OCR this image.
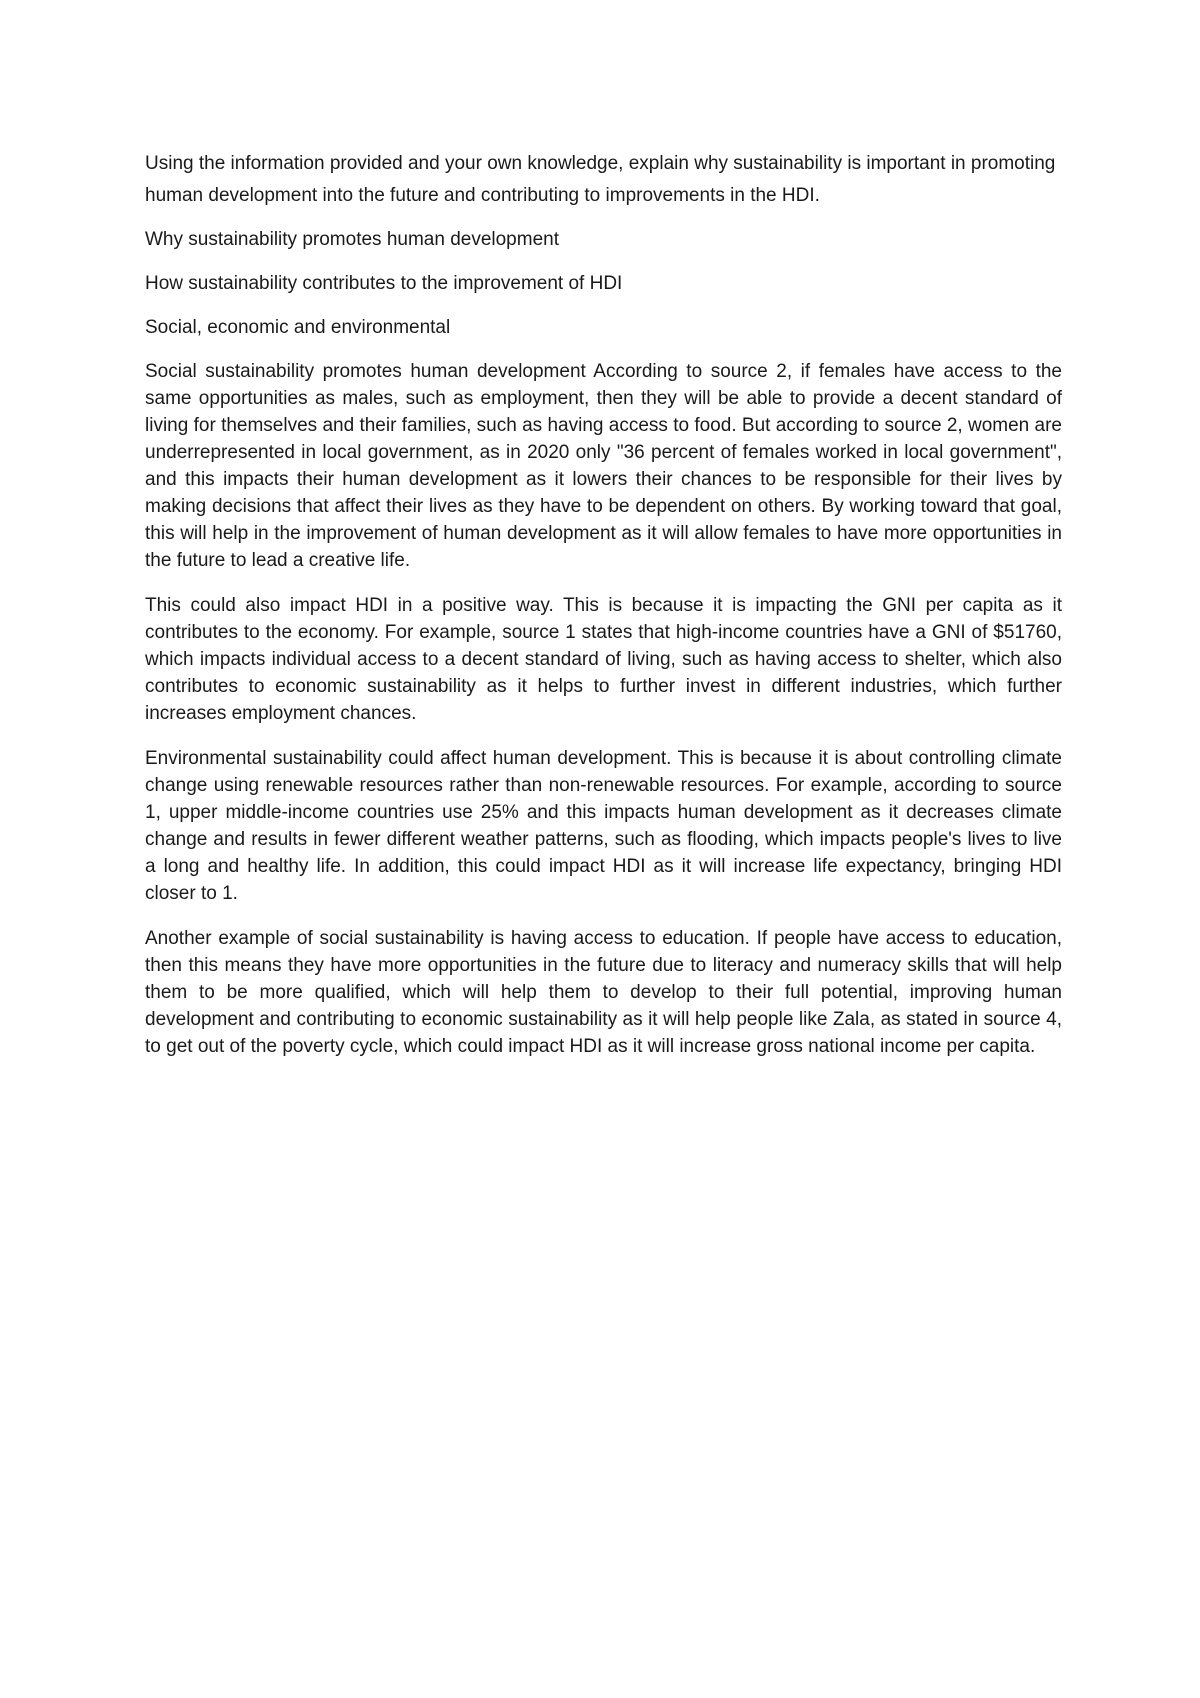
Using the information provided and your own knowledge, explain why sustainability is important in promoting human development into the future and contributing to improvements in the HDI.

Why sustainability promotes human development

How sustainability contributes to the improvement of HDI

Social, economic and environmental

Social sustainability promotes human development According to source 2, if females have access to the same opportunities as males, such as employment, then they will be able to provide a decent standard of living for themselves and their families, such as having access to food. But according to source 2, women are underrepresented in local government, as in 2020 only "36 percent of females worked in local government", and this impacts their human development as it lowers their chances to be responsible for their lives by making decisions that affect their lives as they have to be dependent on others. By working toward that goal, this will help in the improvement of human development as it will allow females to have more opportunities in the future to lead a creative life.

This could also impact HDI in a positive way. This is because it is impacting the GNI per capita as it contributes to the economy. For example, source 1 states that high-income countries have a GNI of $51760, which impacts individual access to a decent standard of living, such as having access to shelter, which also contributes to economic sustainability as it helps to further invest in different industries, which further increases employment chances.

Environmental sustainability could affect human development. This is because it is about controlling climate change using renewable resources rather than non-renewable resources. For example, according to source 1, upper middle-income countries use 25% and this impacts human development as it decreases climate change and results in fewer different weather patterns, such as flooding, which impacts people's lives to live a long and healthy life. In addition, this could impact HDI as it will increase life expectancy, bringing HDI closer to 1.

Another example of social sustainability is having access to education. If people have access to education, then this means they have more opportunities in the future due to literacy and numeracy skills that will help them to be more qualified, which will help them to develop to their full potential, improving human development and contributing to economic sustainability as it will help people like Zala, as stated in source 4, to get out of the poverty cycle, which could impact HDI as it will increase gross national income per capita.
